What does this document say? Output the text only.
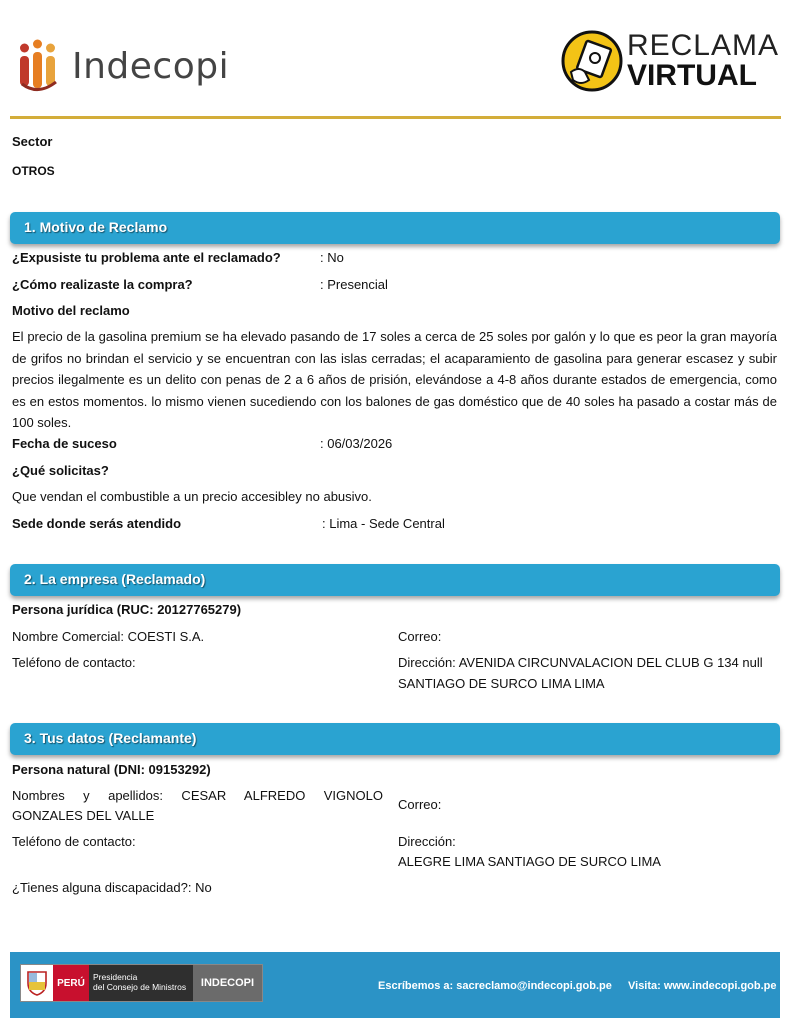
Indecopi	RECLAMA
VIRTUAL
Sector
OTROS
1. Motivo de Reclamo
¿Expusiste tu problema ante el reclamado?	: No
¿Cómo realizaste la compra?	: Presencial
Motivo del reclamo
El precio de la gasolina premium se ha elevado pasando de 17 soles a cerca de 25 soles por galón y lo que es peor la gran mayoría de grifos no brindan el servicio y se encuentran con las islas cerradas; el acaparamiento de gasolina para generar escasez y subir precios ilegalmente es un delito con penas de 2 a 6 años de prisión, elevándose a 4-8 años durante estados de emergencia, como es en estos momentos. lo mismo vienen sucediendo con los balones de gas doméstico que de 40 soles ha pasado a costar más de 100 soles.
Fecha de suceso	: 06/03/2026
¿Qué solicitas?
Que vendan el combustible a un precio accesibley no abusivo.
Sede donde serás atendido	: Lima - Sede Central
2. La empresa (Reclamado)
Persona jurídica (RUC: 20127765279)
Nombre Comercial: COESTI S.A.	Correo:
Teléfono de contacto:	Dirección: AVENIDA CIRCUNVALACION DEL CLUB G 134 null
SANTIAGO DE SURCO LIMA LIMA
3. Tus datos (Reclamante)
Persona natural (DNI: 09153292)
Nombres y apellidos: CESAR ALFREDO VIGNOLO
GONZALES DEL VALLE
Correo:
Teléfono de contacto:	Dirección:
ALEGRE LIMA SANTIAGO DE SURCO LIMA
¿Tienes alguna discapacidad?: No
PERÚ
Presidencia
del Consejo de Ministros	INDECOPI	Escríbemos a: sacreclamo@indecopi.gob.pe Visita: www.indecopi.gob.pe
